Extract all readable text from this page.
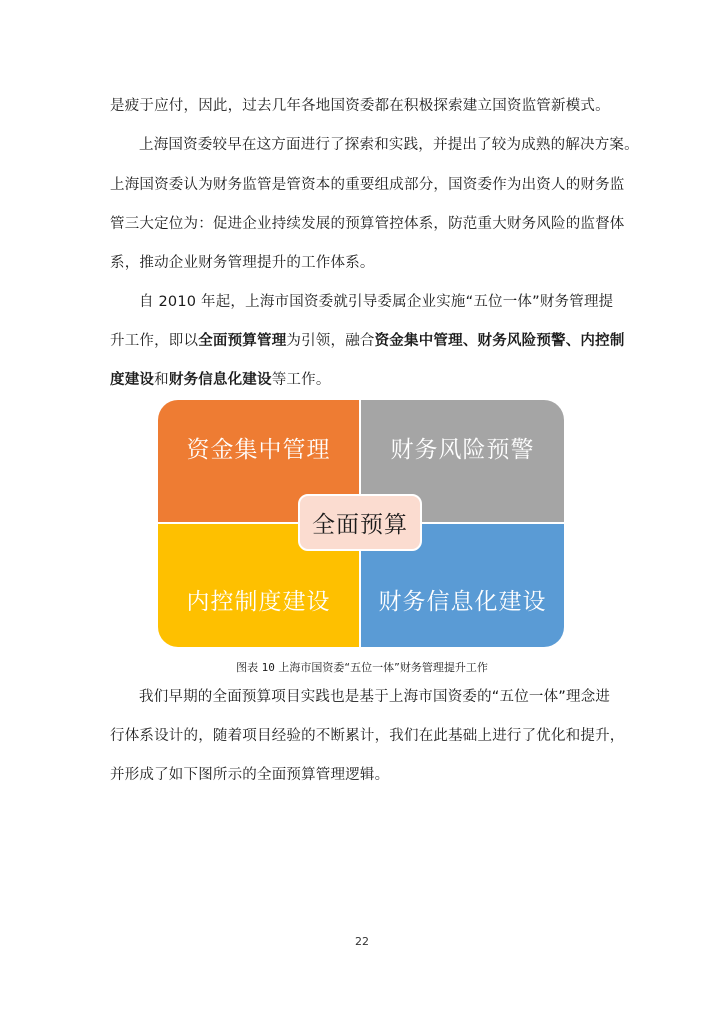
是疲于应付，因此，过去几年各地国资委都在积极探索建立国资监管新模式。
上海国资委较早在这方面进行了探索和实践，并提出了较为成熟的解决方案。
上海国资委认为财务监管是管资本的重要组成部分，国资委作为出资人的财务监
管三大定位为：促进企业持续发展的预算管控体系，防范重大财务风险的监督体
系，推动企业财务管理提升的工作体系。
自 2010 年起，上海市国资委就引导委属企业实施“五位一体”财务管理提
升工作，即以全面预算管理为引领，融合资金集中管理、财务风险预警、内控制
度建设和财务信息化建设等工作。
资金集中管理	财务风险预警
内控制度建设 财务信息化建设
全面预算
图表 10 上海市国资委“五位一体”财务管理提升工作
我们早期的全面预算项目实践也是基于上海市国资委的“五位一体”理念进
行体系设计的，随着项目经验的不断累计，我们在此基础上进行了优化和提升，
并形成了如下图所示的全面预算管理逻辑。
22
